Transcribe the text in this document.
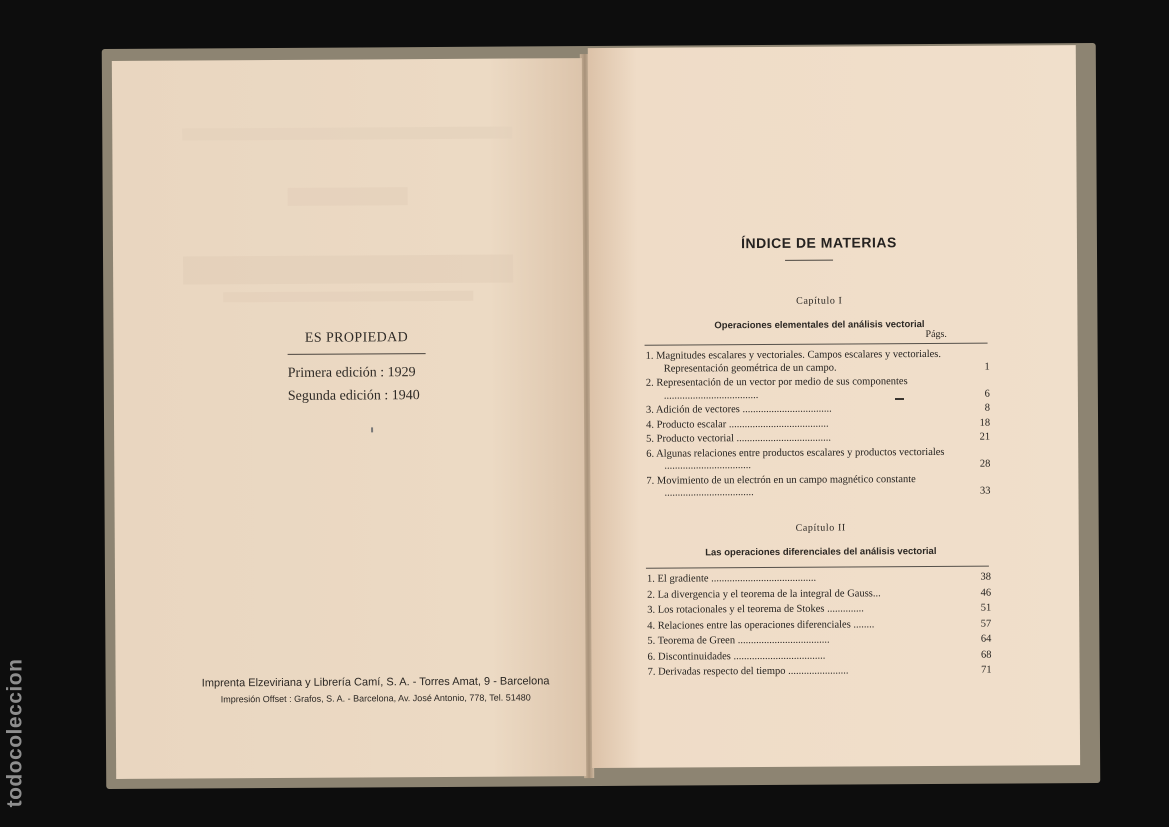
todocoleccion
ES PROPIEDAD
Primera edición : 1929
Segunda edición : 1940
Imprenta Elzeviriana y Librería Camí, S. A. - Torres Amat, 9 - Barcelona
Impresión Offset : Grafos, S. A. - Barcelona, Av. José Antonio, 778, Tel. 51480
ÍNDICE DE MATERIAS
Capítulo I
Operaciones elementales del análisis vectorial
Págs.
1. Magnitudes escalares y vectoriales. Campos escalares y vectoriales. Representación geométrica de un campo.	1
2. Representación de un vector por medio de sus componentes ....................................	6
3. Adición de vectores ..................................	8
4. Producto escalar ......................................	18
5. Producto vectorial ....................................	21
6. Algunas relaciones entre productos escalares y productos vectoriales .................................	28
7. Movimiento de un electrón en un campo magnético constante ..................................	33
Capítulo II
Las operaciones diferenciales del análisis vectorial
1. El gradiente ........................................	38
2. La divergencia y el teorema de la integral de Gauss...	46
3. Los rotacionales y el teorema de Stokes ..............	51
4. Relaciones entre las operaciones diferenciales ........	57
5. Teorema de Green ...................................	64
6. Discontinuidades ...................................	68
7. Derivadas respecto del tiempo .......................	71
